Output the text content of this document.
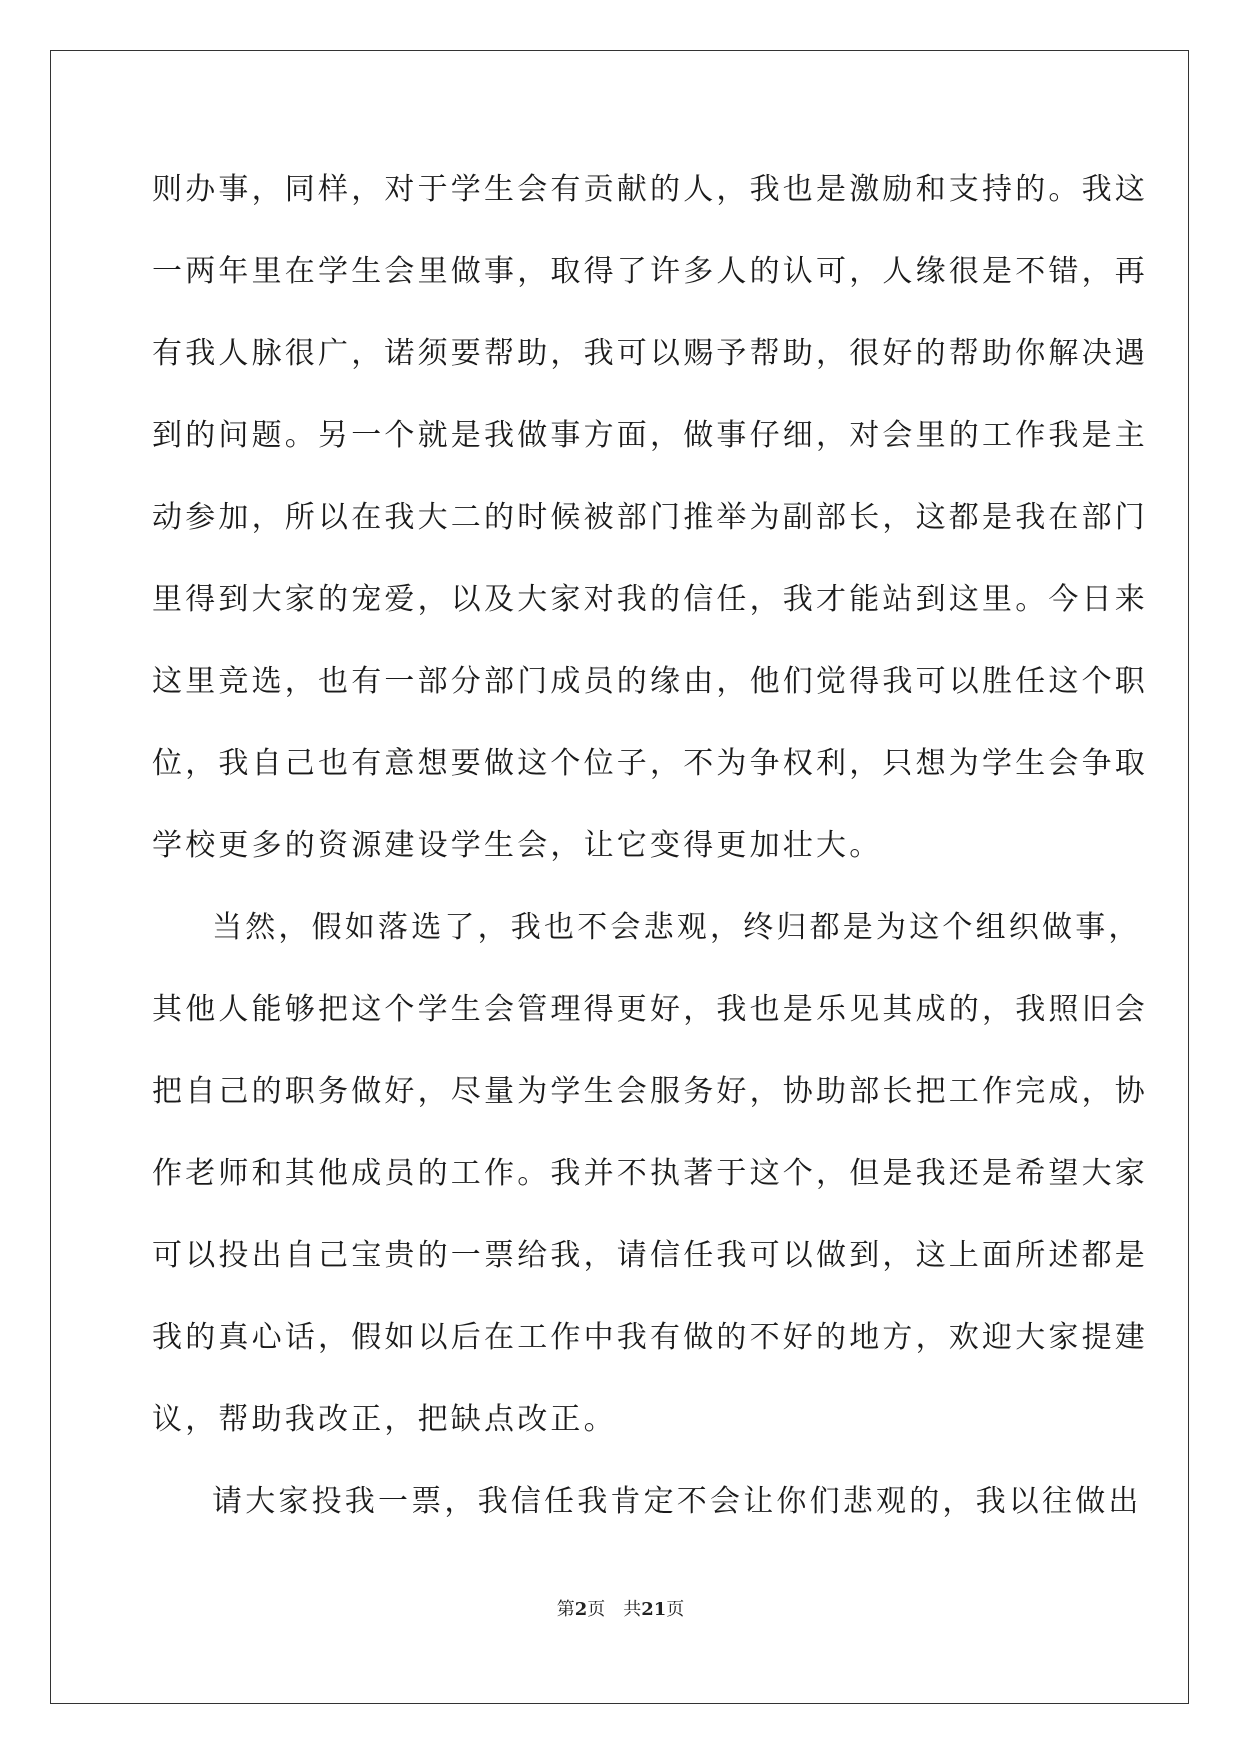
则办事，同样，对于学生会有贡献的人，我也是激励和支持的。我这
一两年里在学生会里做事，取得了许多人的认可，人缘很是不错，再
有我人脉很广，诺须要帮助，我可以赐予帮助，很好的帮助你解决遇
到的问题。另一个就是我做事方面，做事仔细，对会里的工作我是主
动参加，所以在我大二的时候被部门推举为副部长，这都是我在部门
里得到大家的宠爱，以及大家对我的信任，我才能站到这里。今日来
这里竞选，也有一部分部门成员的缘由，他们觉得我可以胜任这个职
位，我自己也有意想要做这个位子，不为争权利，只想为学生会争取
学校更多的资源建设学生会，让它变得更加壮大。
当然，假如落选了，我也不会悲观，终归都是为这个组织做事，
其他人能够把这个学生会管理得更好，我也是乐见其成的，我照旧会
把自己的职务做好，尽量为学生会服务好，协助部长把工作完成，协
作老师和其他成员的工作。我并不执著于这个，但是我还是希望大家
可以投出自己宝贵的一票给我，请信任我可以做到，这上面所述都是
我的真心话，假如以后在工作中我有做的不好的地方，欢迎大家提建
议，帮助我改正，把缺点改正。
请大家投我一票，我信任我肯定不会让你们悲观的，我以往做出
第2页　共21页
